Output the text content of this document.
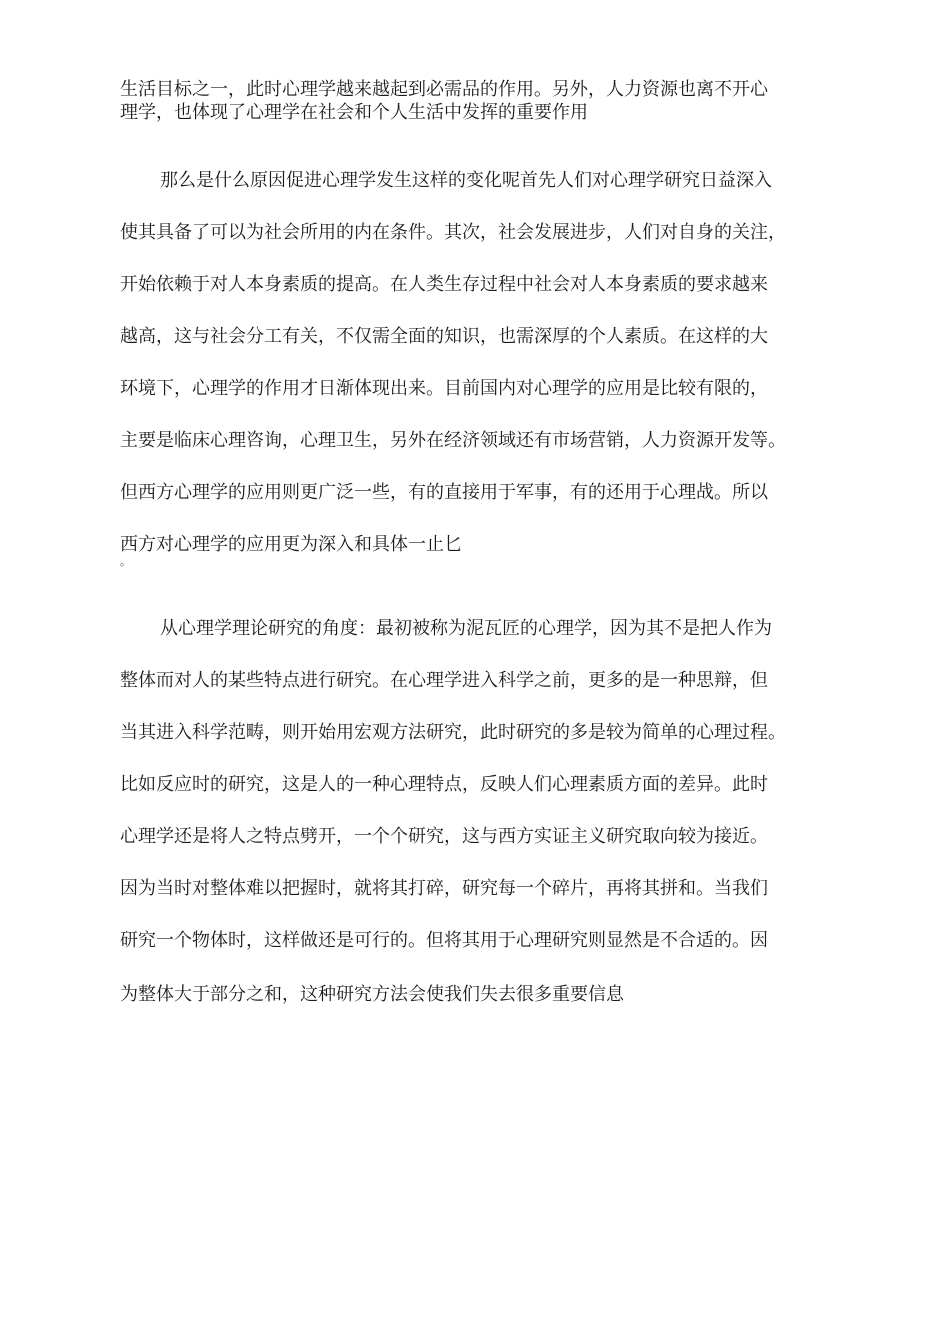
生活目标之一，此时心理学越来越起到必需品的作用。另外，人力资源也离不开心
理学，也体现了心理学在社会和个人生活中发挥的重要作用
那么是什么原因促进心理学发生这样的变化呢首先人们对心理学研究日益深入
使其具备了可以为社会所用的内在条件。其次，社会发展进步，人们对自身的关注，
开始依赖于对人本身素质的提高。在人类生存过程中社会对人本身素质的要求越来
越高，这与社会分工有关，不仅需全面的知识，也需深厚的个人素质。在这样的大
环境下，心理学的作用才日渐体现出来。目前国内对心理学的应用是比较有限的，
主要是临床心理咨询，心理卫生，另外在经济领域还有市场营销，人力资源开发等。
但西方心理学的应用则更广泛一些，有的直接用于军事，有的还用于心理战。所以
西方对心理学的应用更为深入和具体一止匕
。
从心理学理论研究的角度：最初被称为泥瓦匠的心理学，因为其不是把人作为
整体而对人的某些特点进行研究。在心理学进入科学之前，更多的是一种思辩，但
当其进入科学范畴，则开始用宏观方法研究，此时研究的多是较为简单的心理过程。
比如反应时的研究，这是人的一种心理特点，反映人们心理素质方面的差异。此时
心理学还是将人之特点劈开，一个个研究，这与西方实证主义研究取向较为接近。
因为当时对整体难以把握时，就将其打碎，研究每一个碎片，再将其拼和。当我们
研究一个物体时，这样做还是可行的。但将其用于心理研究则显然是不合适的。因
为整体大于部分之和，这种研究方法会使我们失去很多重要信息
